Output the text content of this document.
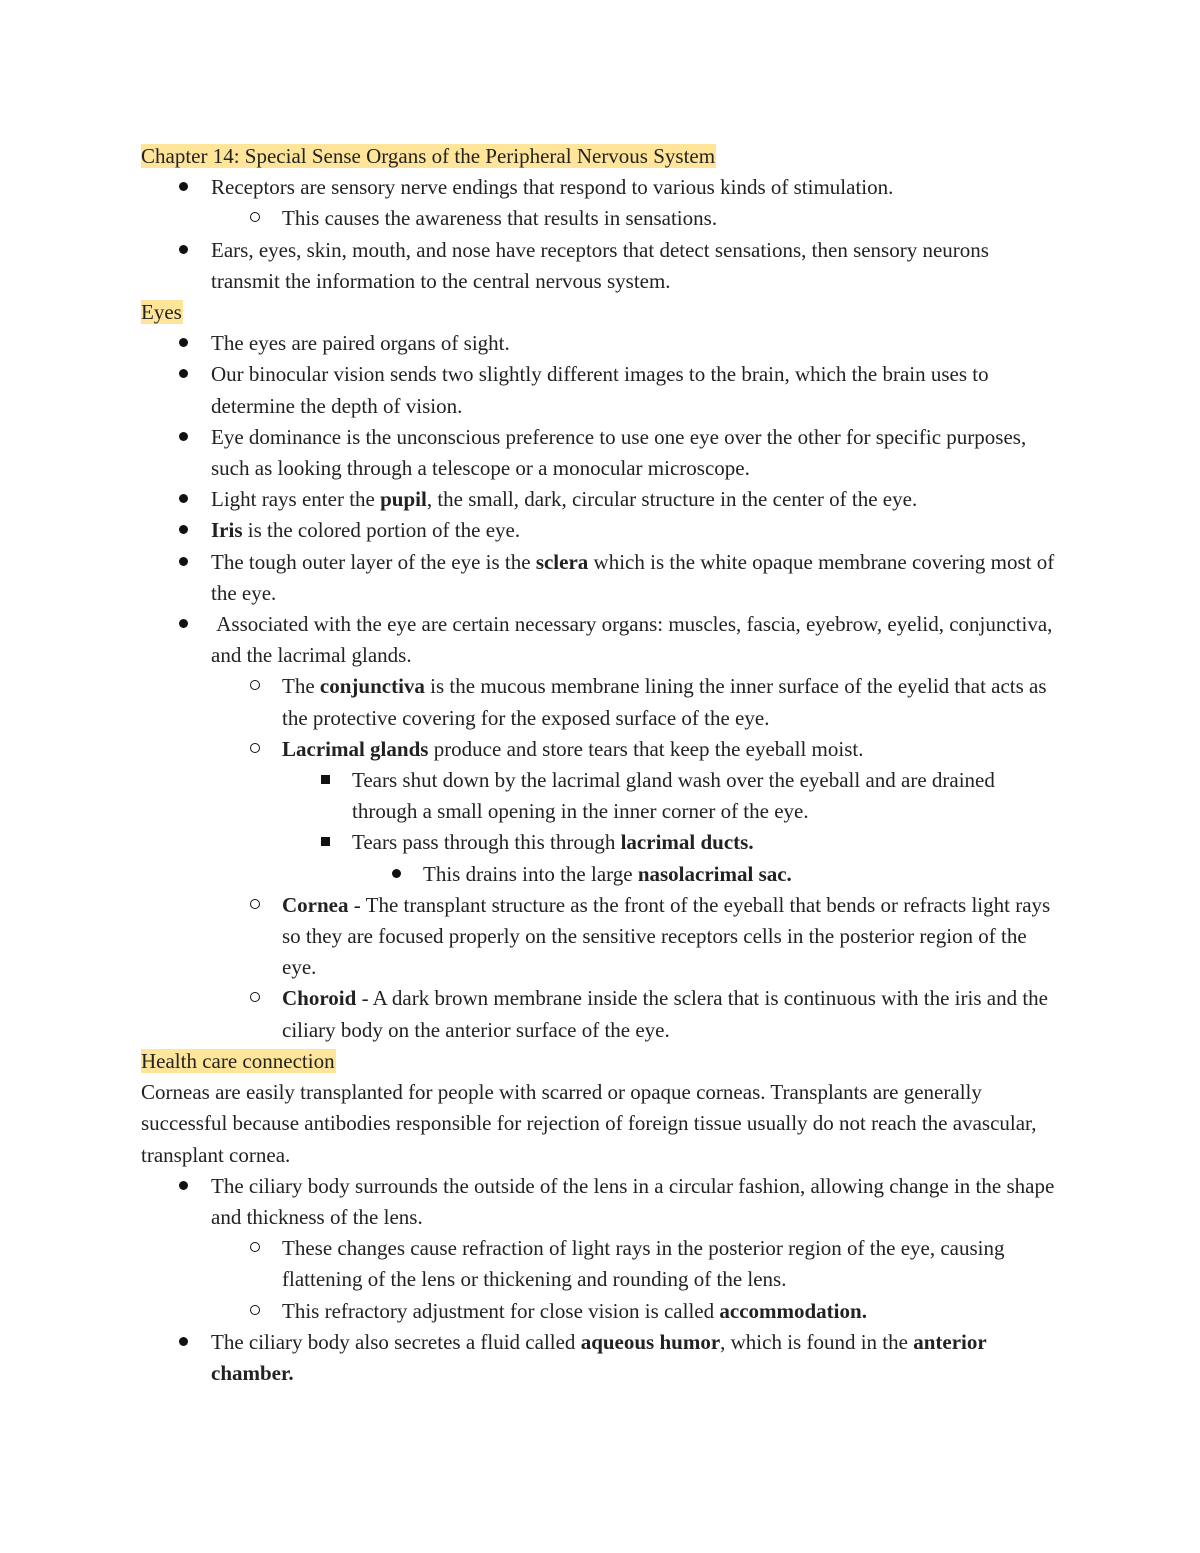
Chapter 14: Special Sense Organs of the Peripheral Nervous System
Receptors are sensory nerve endings that respond to various kinds of stimulation.
This causes the awareness that results in sensations.
Ears, eyes, skin, mouth, and nose have receptors that detect sensations, then sensory neurons transmit the information to the central nervous system.
Eyes
The eyes are paired organs of sight.
Our binocular vision sends two slightly different images to the brain, which the brain uses to determine the depth of vision.
Eye dominance is the unconscious preference to use one eye over the other for specific purposes, such as looking through a telescope or a monocular microscope.
Light rays enter the pupil, the small, dark, circular structure in the center of the eye.
Iris is the colored portion of the eye.
The tough outer layer of the eye is the sclera which is the white opaque membrane covering most of the eye.
Associated with the eye are certain necessary organs: muscles, fascia, eyebrow, eyelid, conjunctiva, and the lacrimal glands.
The conjunctiva is the mucous membrane lining the inner surface of the eyelid that acts as the protective covering for the exposed surface of the eye.
Lacrimal glands produce and store tears that keep the eyeball moist.
Tears shut down by the lacrimal gland wash over the eyeball and are drained through a small opening in the inner corner of the eye.
Tears pass through this through lacrimal ducts.
This drains into the large nasolacrimal sac.
Cornea - The transplant structure as the front of the eyeball that bends or refracts light rays so they are focused properly on the sensitive receptors cells in the posterior region of the eye.
Choroid - A dark brown membrane inside the sclera that is continuous with the iris and the ciliary body on the anterior surface of the eye.
Health care connection

Corneas are easily transplanted for people with scarred or opaque corneas. Transplants are generally successful because antibodies responsible for rejection of foreign tissue usually do not reach the avascular, transplant cornea.

The ciliary body surrounds the outside of the lens in a circular fashion, allowing change in the shape and thickness of the lens.
These changes cause refraction of light rays in the posterior region of the eye, causing flattening of the lens or thickening and rounding of the lens.
This refractory adjustment for close vision is called accommodation.
The ciliary body also secretes a fluid called aqueous humor, which is found in the anterior chamber.
